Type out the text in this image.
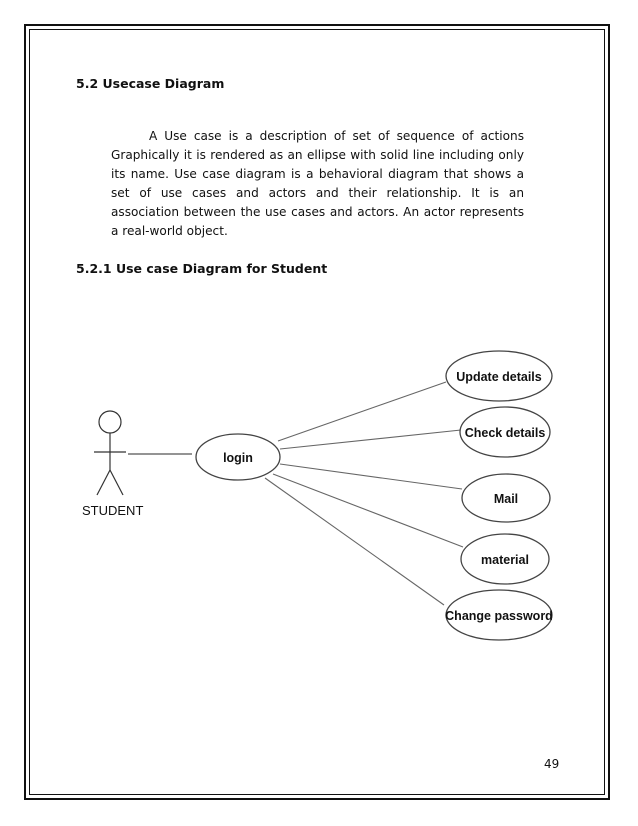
5.2 Usecase Diagram

A Use case is a description of set of sequence of actions Graphically it is rendered as an ellipse with solid line including only its name. Use case diagram is a behavioral diagram that shows a set of use cases and actors and their relationship. It is an association between the use cases and actors. An actor represents a real-world object.

5.2.1 Use case Diagram for Student

STUDENT
login
Update details
Check details
Mail
material
Change password

49
